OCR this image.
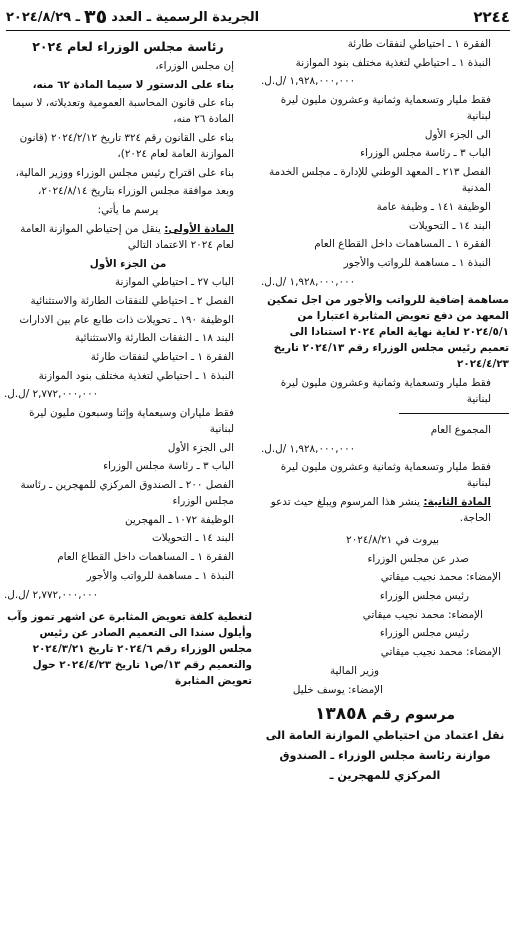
٢٢٤٤
الجريدة الرسمية ـ العدد
٣٥
ـ ٢٠٢٤/٨/٢٩
الفقرة ١ ـ احتياطي لنفقات طارئة
النبذة ١ ـ احتياطي لتغذية مختلف بنود الموازنة
١,٩٢٨,٠٠٠,٠٠٠ /ل.ل.
فقط مليار وتسعماية وثمانية وعشرون مليون ليرة لبنانية
الى الجزء الأول
الباب ٣ ـ رئاسة مجلس الوزراء
الفصل ٢١٣ ـ المعهد الوطني للإدارة ـ مجلس الخدمة المدنية
الوظيفة ١٤١ ـ وظيفة عامة
البند ١٤ ـ التحويلات
الفقرة ١ ـ المساهمات داخل القطاع العام
النبذة ١ ـ مساهمة للرواتب والأجور
١,٩٢٨,٠٠٠,٠٠٠ /ل.ل.
مساهمة إضافية للرواتب والأجور من اجل تمكين المعهد من دفع تعويض المثابرة اعتبارا من ٢٠٢٤/٥/١ لغاية نهاية العام ٢٠٢٤ استنادا الى تعميم رئيس مجلس الوزراء رقم ٢٠٢٤/١٣ تاريخ ٢٠٢٤/٤/٢٣
فقط مليار وتسعماية وثمانية وعشرون مليون ليرة لبنانية
المجموع العام
١,٩٢٨,٠٠٠,٠٠٠ /ل.ل.
فقط مليار وتسعماية وثمانية وعشرون مليون ليرة لبنانية
المادة الثانية: ينشر هذا المرسوم ويبلغ حيث تدعو الحاجة.
بيروت في ٢٠٢٤/٨/٢١
صدر عن مجلس الوزراء
الإمضاء: محمد نجيب ميقاتي
رئيس مجلس الوزراء
الإمضاء: محمد نجيب ميقاتي
رئيس مجلس الوزراء
الإمضاء: محمد نجيب ميقاتي
وزير المالية
الإمضاء: يوسف خليل
مرسوم رقم ١٣٨٥٨
نقل اعتماد من احتياطي الموازنة العامة الى موازنة رئاسة مجلس الوزراء ـ الصندوق المركزي للمهجرين ـ
رئاسة مجلس الوزراء لعام ٢٠٢٤
إن مجلس الوزراء،
بناء على الدستور لا سيما المادة ٦٢ منه،
بناء على قانون المحاسبة العمومية وتعديلاته، لا سيما المادة ٢٦ منه،
بناء على القانون رقم ٣٢٤ تاريخ ٢٠٢٤/٢/١٢ (قانون الموازنة العامة لعام ٢٠٢٤)،
بناء على اقتراح رئيس مجلس الوزراء ووزير المالية،
وبعد موافقة مجلس الوزراء بتاريخ ٢٠٢٤/٨/١٤،
يرسم ما يأتي:
المادة الأولى: ينقل من إحتياطي الموازنة العامة لعام ٢٠٢٤ الاعتماد التالي
من الجزء الأول
الباب ٢٧ ـ احتياطي الموازنة
الفصل ٢ ـ احتياطي للنفقات الطارئة والاستثنائية
الوظيفة ١٩٠ ـ تحويلات ذات طابع عام بين الادارات
البند ١٨ ـ النفقات الطارئة والاستثنائية
الفقرة ١ ـ احتياطي لنفقات طارئة
النبذة ١ ـ احتياطي لتغذية مختلف بنود الموازنة
٢,٧٧٢,٠٠٠,٠٠٠ /ل.ل.
فقط ملياران وسبعماية وإثنا وسبعون مليون ليرة لبنانية
الى الجزء الأول
الباب ٣ ـ رئاسة مجلس الوزراء
الفصل ٢٠٠ ـ الصندوق المركزي للمهجرين ـ رئاسة مجلس الوزراء
الوظيفة ١٠٧٢ ـ المهجرين
البند ١٤ ـ التحويلات
الفقرة ١ ـ المساهمات داخل القطاع العام
النبذة ١ ـ مساهمة للرواتب والأجور
٢,٧٧٢,٠٠٠,٠٠٠ /ل.ل.
لتغطية كلفة تعويض المثابرة عن اشهر تموز وآب وأيلول سندا الى التعميم الصادر عن رئيس مجلس الوزراء رقم ٢٠٢٤/٦ تاريخ ٢٠٢٤/٣/٢١ والتعميم رقم ١٣/ص١ تاريخ ٢٠٢٤/٤/٢٣ حول تعويض المثابرة
